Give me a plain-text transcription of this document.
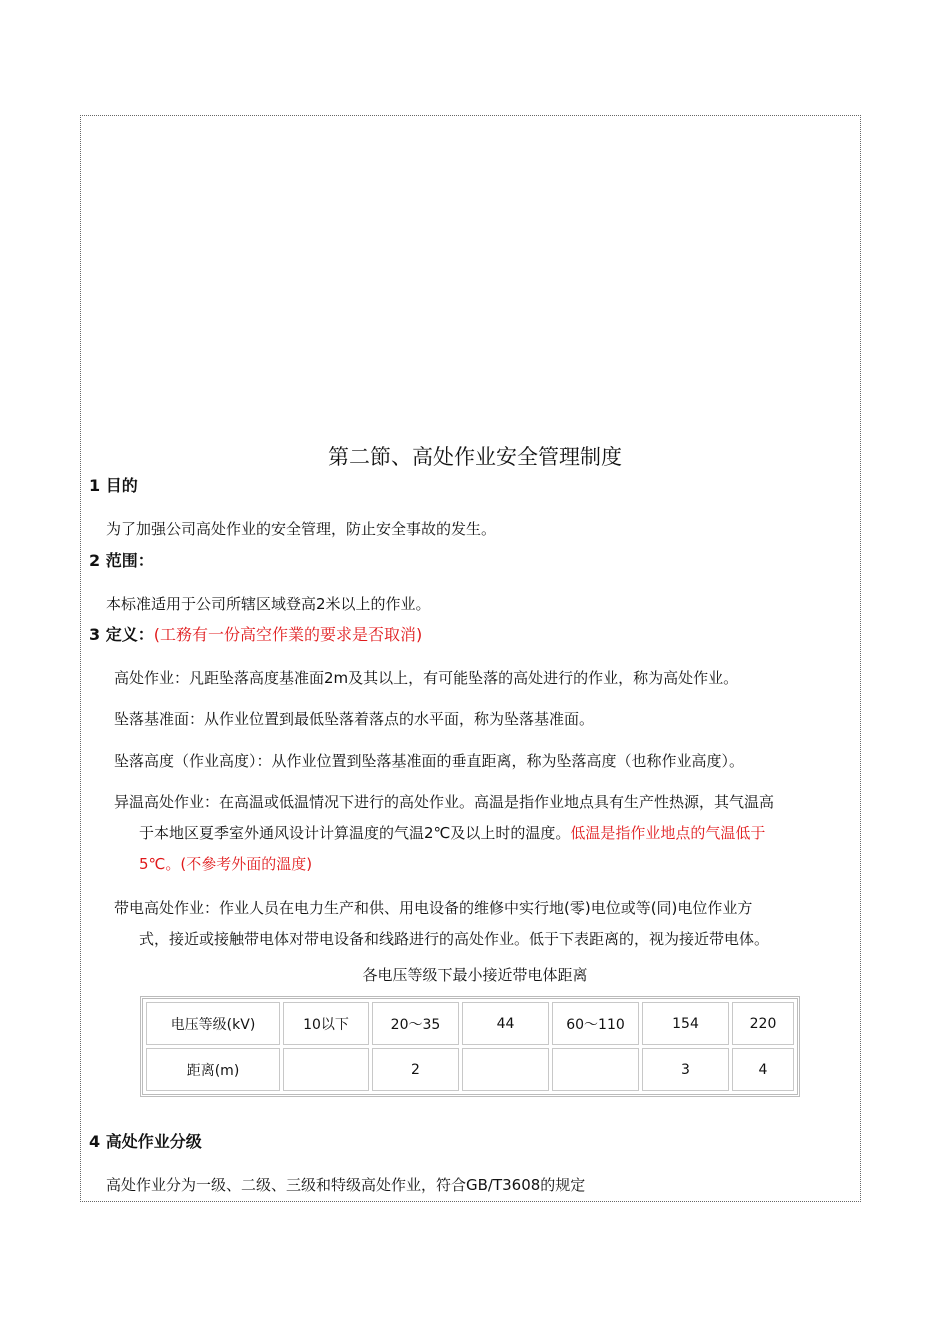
第二節、高处作业安全管理制度
1 目的
为了加强公司高处作业的安全管理，防止安全事故的发生。
2 范围：
本标准适用于公司所辖区域登高2米以上的作业。
3 定义：(工務有一份高空作業的要求是否取消)
高处作业：凡距坠落高度基准面2m及其以上，有可能坠落的高处进行的作业，称为高处作业。
坠落基准面：从作业位置到最低坠落着落点的水平面，称为坠落基准面。
坠落高度（作业高度）：从作业位置到坠落基准面的垂直距离，称为坠落高度（也称作业高度）。
异温高处作业：在高温或低温情况下进行的高处作业。高温是指作业地点具有生产性热源，其气温高
于本地区夏季室外通风设计计算温度的气温2℃及以上时的温度。低温是指作业地点的气温低于
5℃。(不參考外面的溫度)
带电高处作业：作业人员在电力生产和供、用电设备的维修中实行地(零)电位或等(同)电位作业方
式，接近或接触带电体对带电设备和线路进行的高处作业。低于下表距离的，视为接近带电体。
各电压等级下最小接近带电体距离
电压等级(kV)	10以下	20～35	44	60～110	154	220
距离(m)		2			3	4
4 高处作业分级
高处作业分为一级、二级、三级和特级高处作业，符合GB/T3608的规定
